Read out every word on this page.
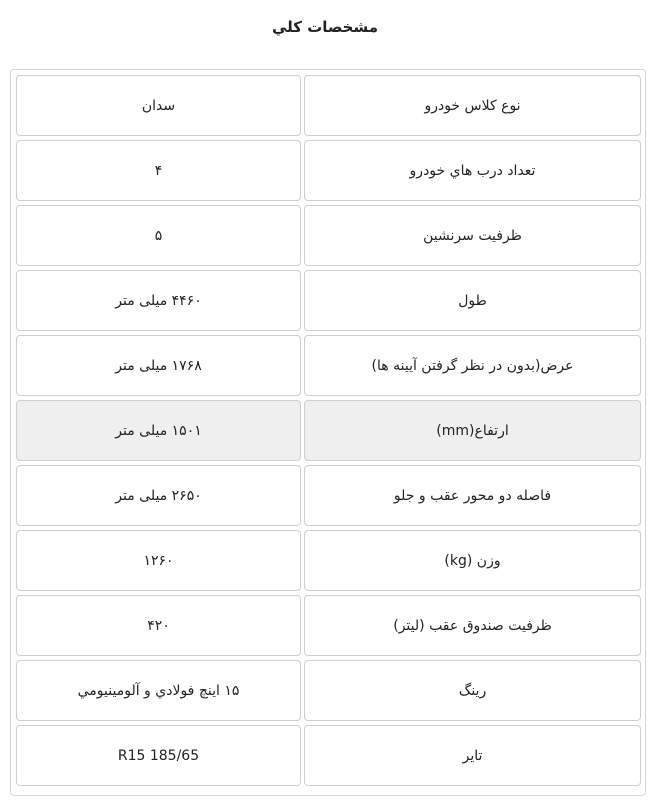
مشخصات کلي
نوع کلاس خودرو
سدان
تعداد درب هاي خودرو
۴
ظرفيت سرنشين
۵
طول
۴۴۶۰ ميلی متر
عرض(بدون در نظر گرفتن آيينه ها)
۱۷۶۸ ميلی متر
ارتفاع(mm)
۱۵۰۱ ميلی متر
فاصله دو محور عقب و جلو
۲۶۵۰ ميلی متر
وزن (kg)
۱۲۶۰
ظرفيت صندوق عقب (ليتر)
۴۲۰
رينگ
۱۵ اينچ فولادي و آلومينيومي
تاير
R15 185/65
